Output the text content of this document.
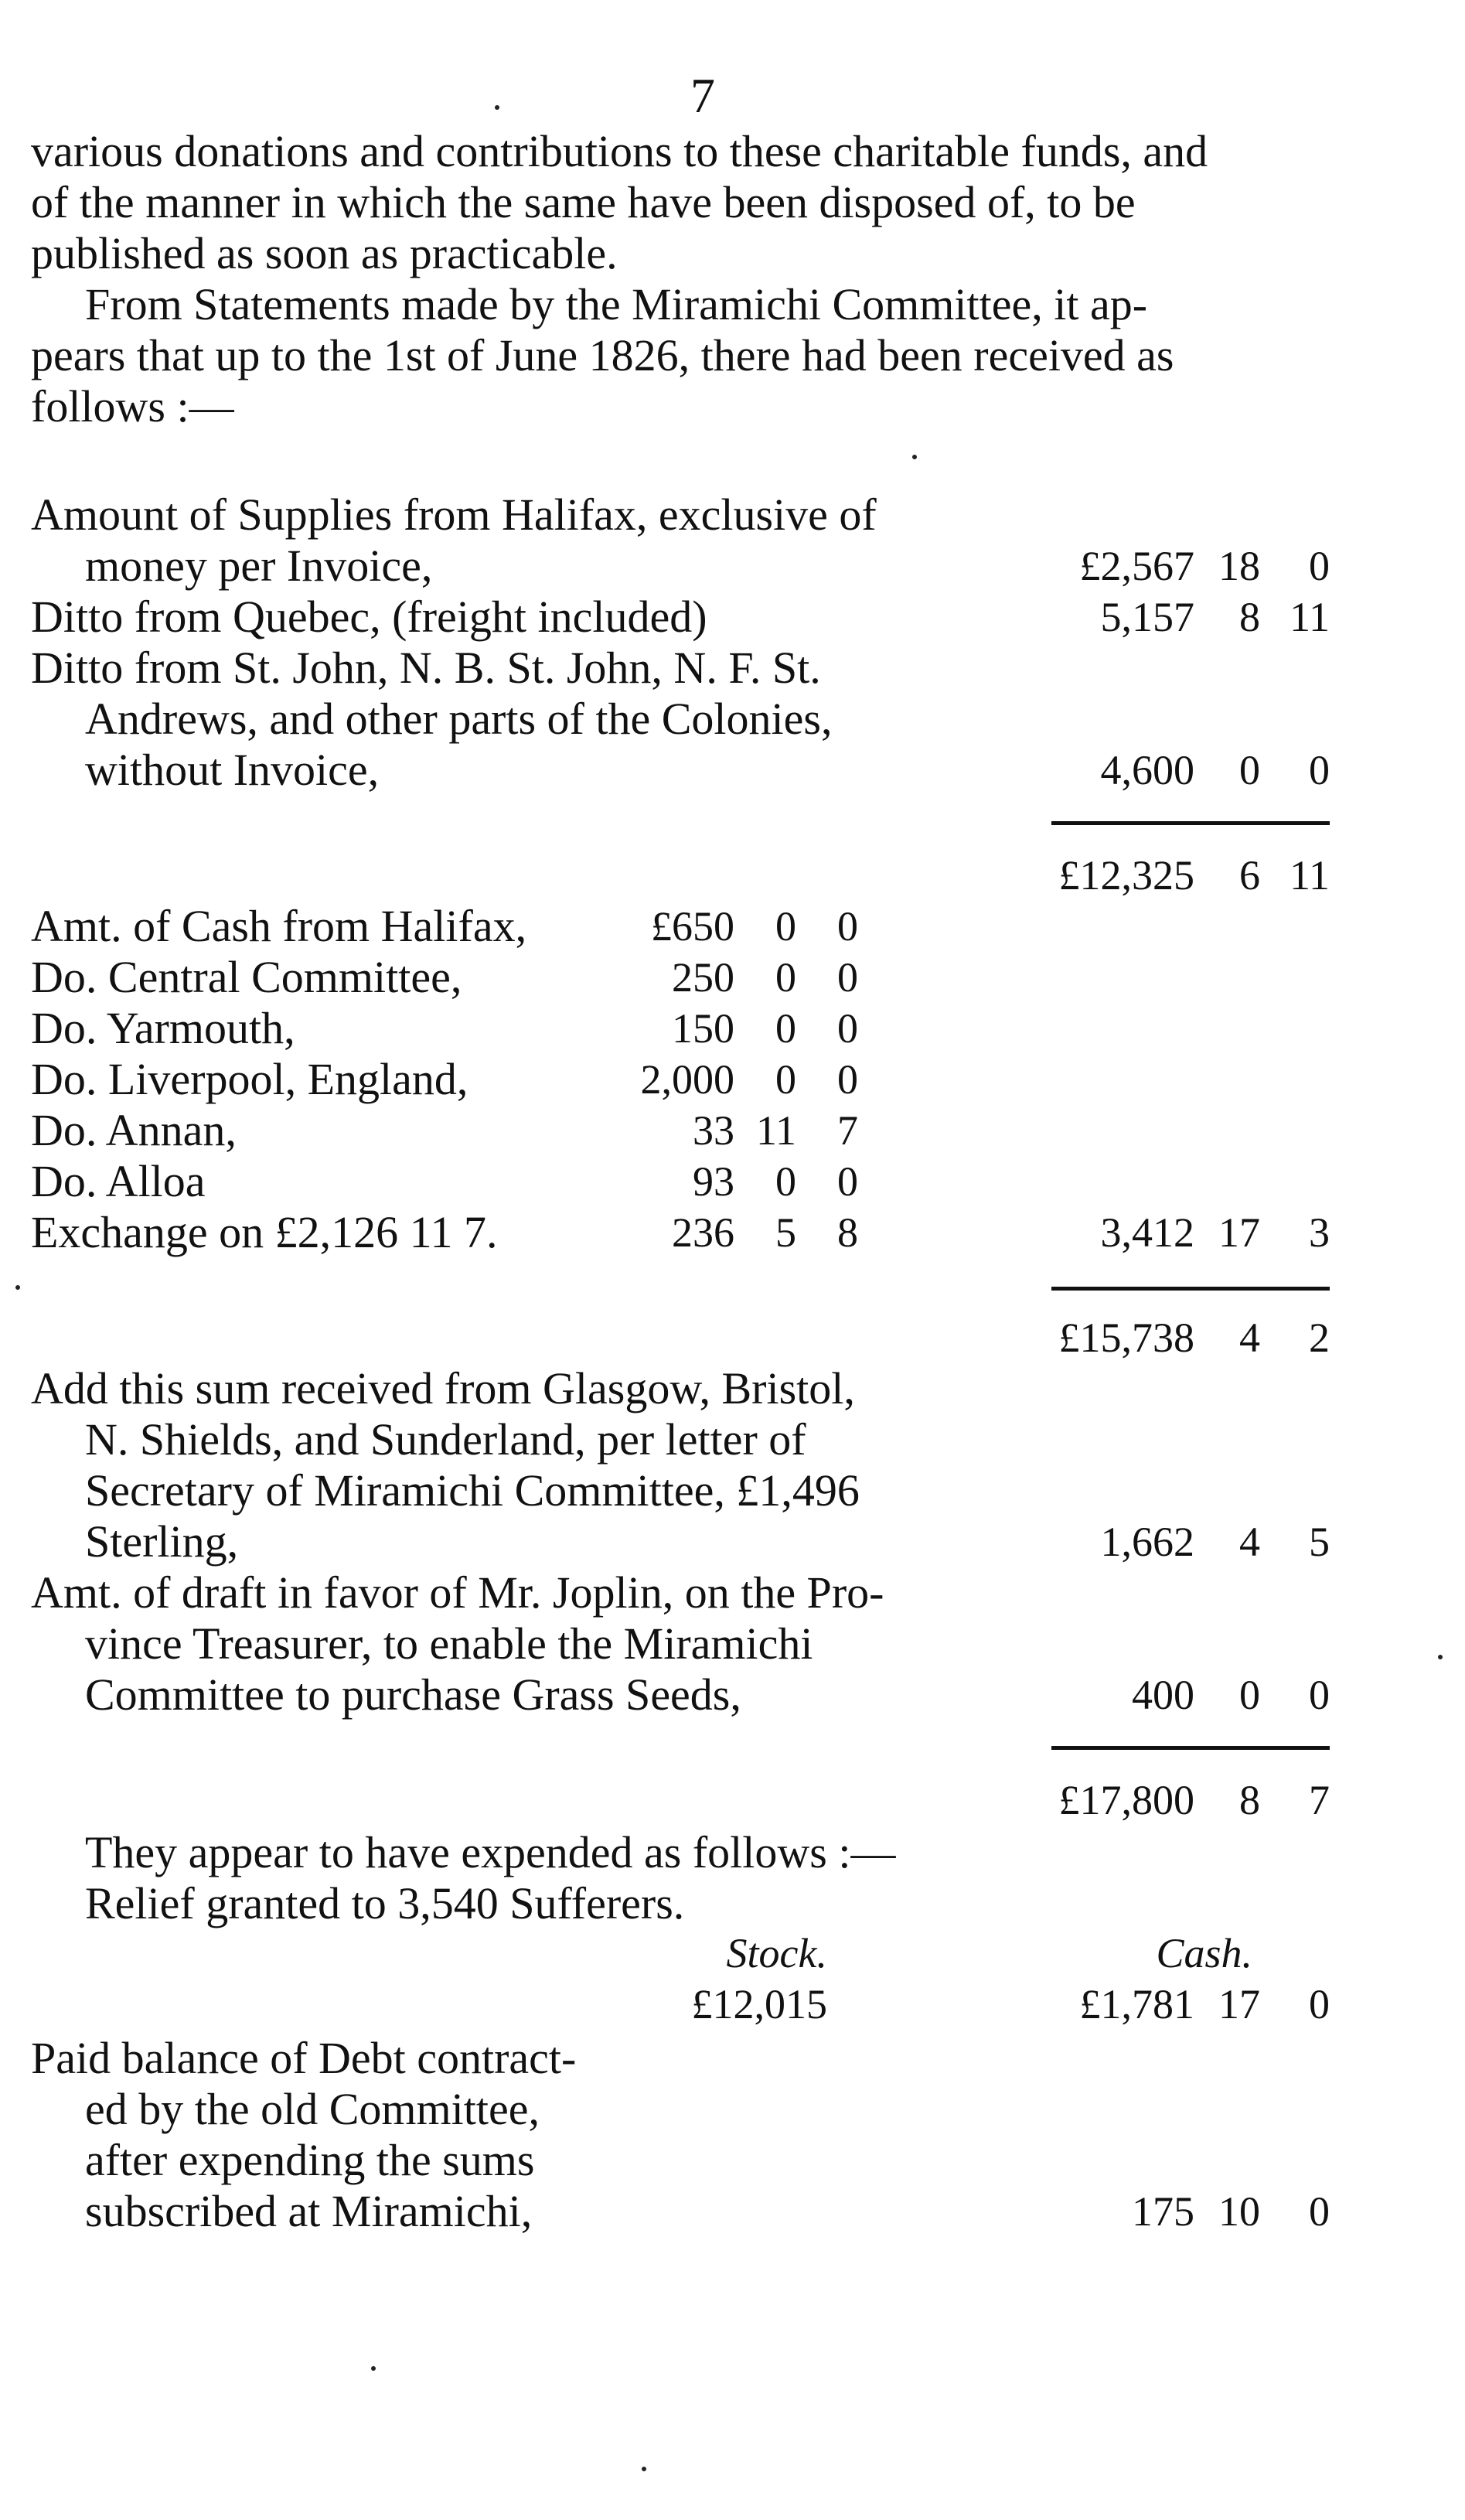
7
various donations and contributions to these charitable funds, and
of the manner in which the same have been disposed of, to be
published as soon as practicable.
From Statements made by the Miramichi Committee, it ap-
pears that up to the 1st of June 1826, there had been received as
follows :—
Amount of Supplies from Halifax, exclusive of
money per Invoice,	£2,567 18	0
Ditto from Quebec, (freight included)	5,157	8 11
Ditto from St. John, N. B. St. John, N. F. St.
Andrews, and other parts of the Colonies,
without Invoice,	4,600	0	0
£12,325	6 11
Amt. of Cash from Halifax,	£650 0 0
Do. Central Committee,	250 0 0
Do. Yarmouth,	150 0 0
Do. Liverpool, England,	2,000 0 0
Do. Annan,	33 11 7
Do. Alloa	93 0 0
Exchange on £2,126 11 7.	236 5 8	3,412 17	3
£15,738	4	2
Add this sum received from Glasgow, Bristol,
N. Shields, and Sunderland, per letter of
Secretary of Miramichi Committee, £1,496
Sterling,	1,662	4	5
Amt. of draft in favor of Mr. Joplin, on the Pro-
vince Treasurer, to enable the Miramichi
Committee to purchase Grass Seeds,	400	0	0
£17,800	8	7
They appear to have expended as follows :—
Relief granted to 3,540 Sufferers.
Stock.	Cash.
£12,015	£1,781 17	0
Paid balance of Debt contract-
ed by the old Committee,
after expending the sums
subscribed at Miramichi,	175 10	0
